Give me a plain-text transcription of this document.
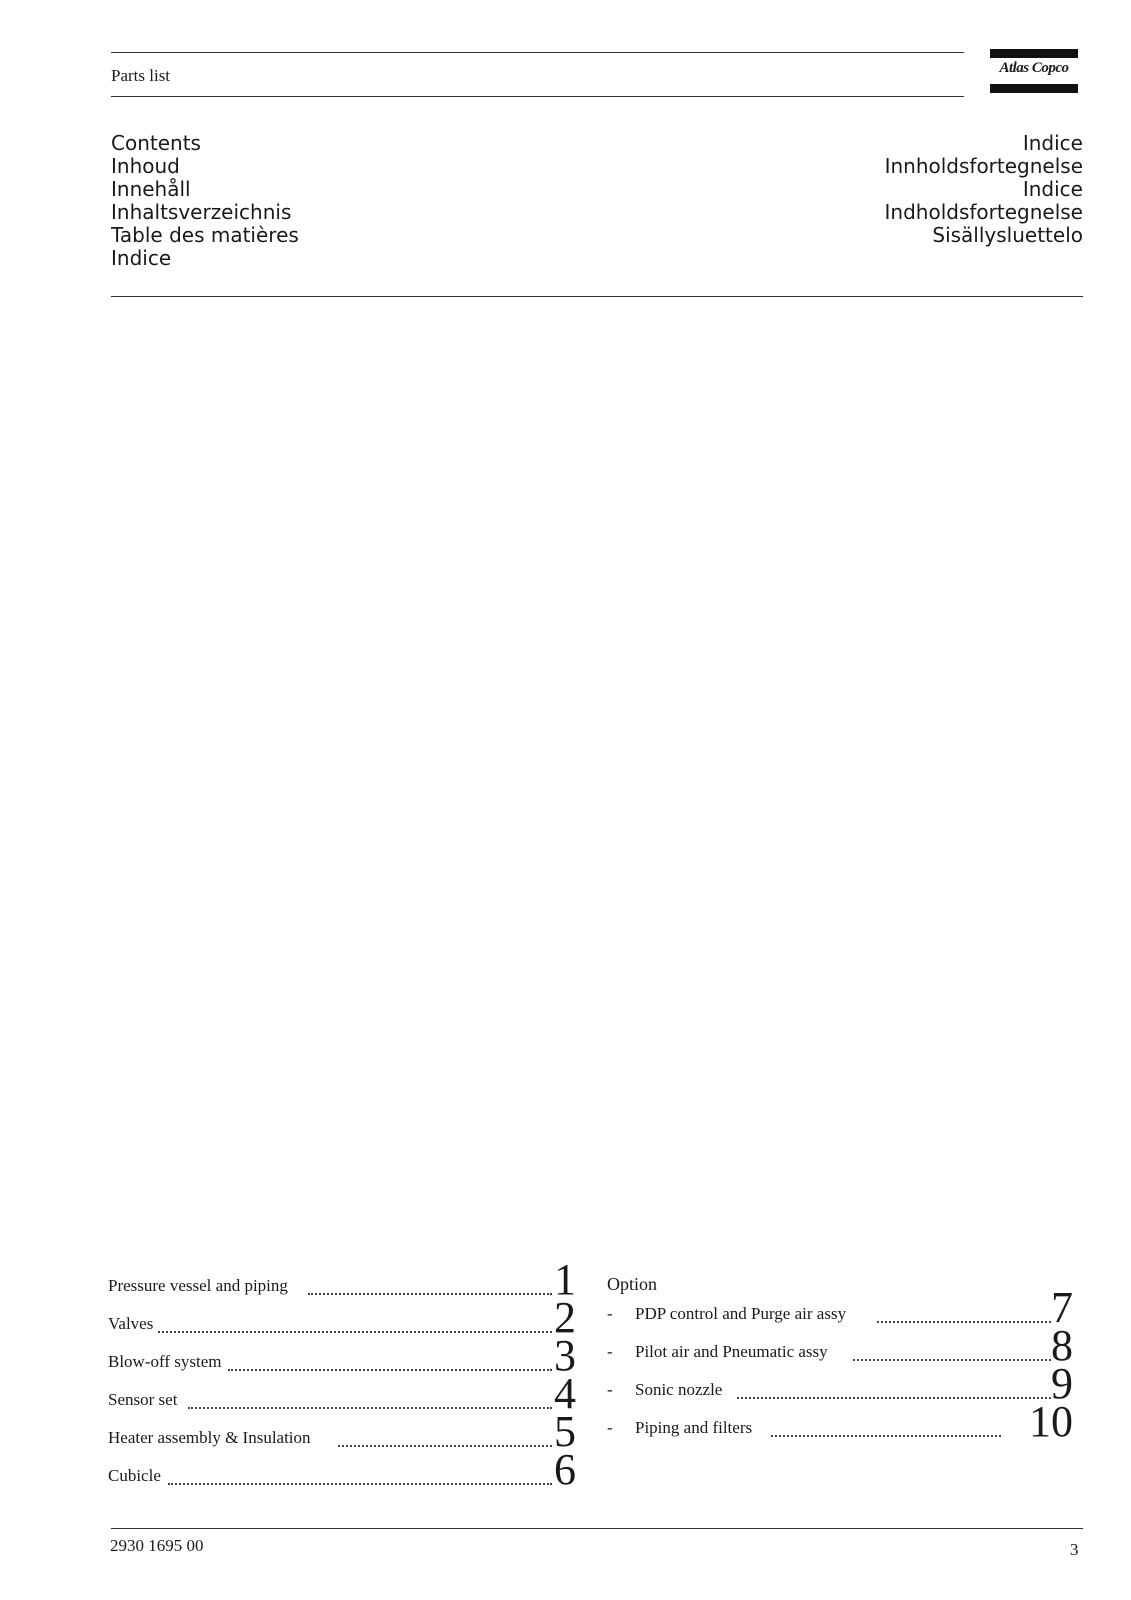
Parts list	Atlas Copco
Contents
Inhoud
Innehåll
Inhaltsverzeichnis
Table des matières
Indice
Indice
Innholdsfortegnelse
Indice
Indholdsfortegnelse
Sisällysluettelo
Pressure vessel and piping	1
Valves	2
Blow-off system	3
Sensor set	4
Heater assembly & Insulation	5
Cubicle	6
Option
- PDP control and Purge air assy	7
- Pilot air and Pneumatic assy	8
- Sonic nozzle	9
- Piping and filters	10
2930 1695 00	3
